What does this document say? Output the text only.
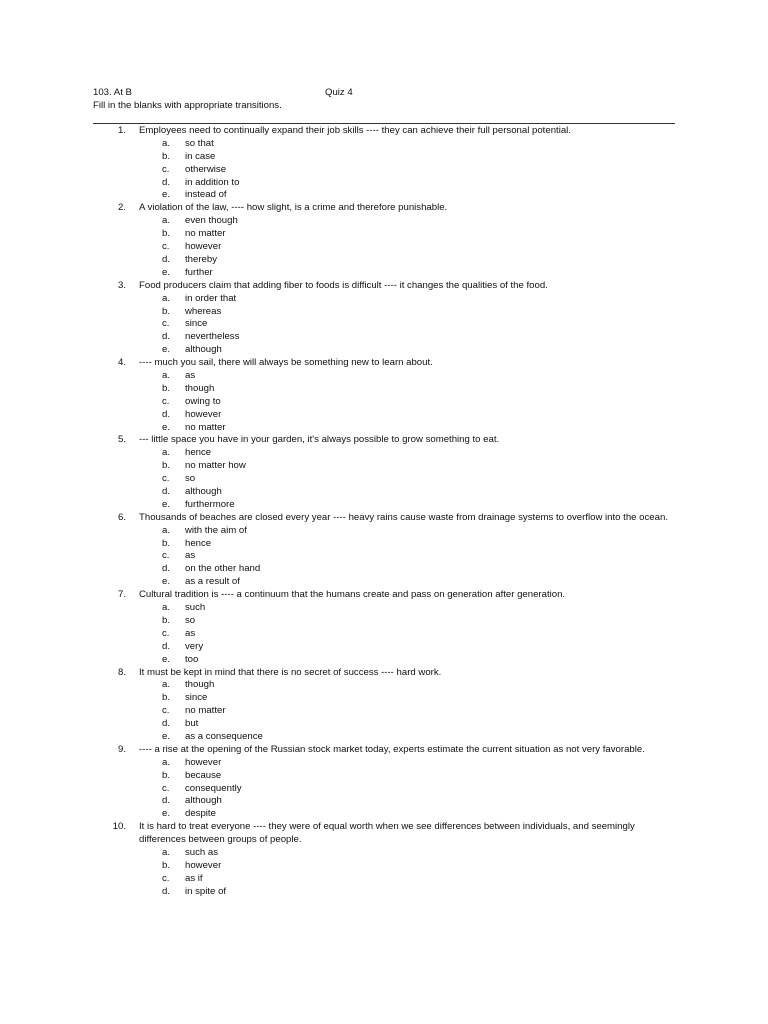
103. At B	Quiz 4
Fill in the blanks with appropriate transitions.
1. Employees need to continually expand their job skills ---- they can achieve their full personal potential.
a. so that
b. in case
c. otherwise
d. in addition to
e. instead of
2. A violation of the law, ---- how slight, is a crime and therefore punishable.
a. even though
b. no matter
c. however
d. thereby
e. further
3. Food producers claim that adding fiber to foods is difficult ---- it changes the qualities of the food.
a. in order that
b. whereas
c. since
d. nevertheless
e. although
4. ---- much you sail, there will always be something new to learn about.
a. as
b. though
c. owing to
d. however
e. no matter
5. --- little space you have in your garden, it's always possible to grow something to eat.
a. hence
b. no matter how
c. so
d. although
e. furthermore
6. Thousands of beaches are closed every year ---- heavy rains cause waste from drainage systems to overflow into the ocean.
a. with the aim of
b. hence
c. as
d. on the other hand
e. as a result of
7. Cultural tradition is ---- a continuum that the humans create and pass on generation after generation.
a. such
b. so
c. as
d. very
e. too
8. It must be kept in mind that there is no secret of success ---- hard work.
a. though
b. since
c. no matter
d. but
e. as a consequence
9. ---- a rise at the opening of the Russian stock market today, experts estimate the current situation as not very favorable.
a. however
b. because
c. consequently
d. although
e. despite
10. It is hard to treat everyone ---- they were of equal worth when we see differences between individuals, and seemingly differences between groups of people.
a. such as
b. however
c. as if
d. in spite of
